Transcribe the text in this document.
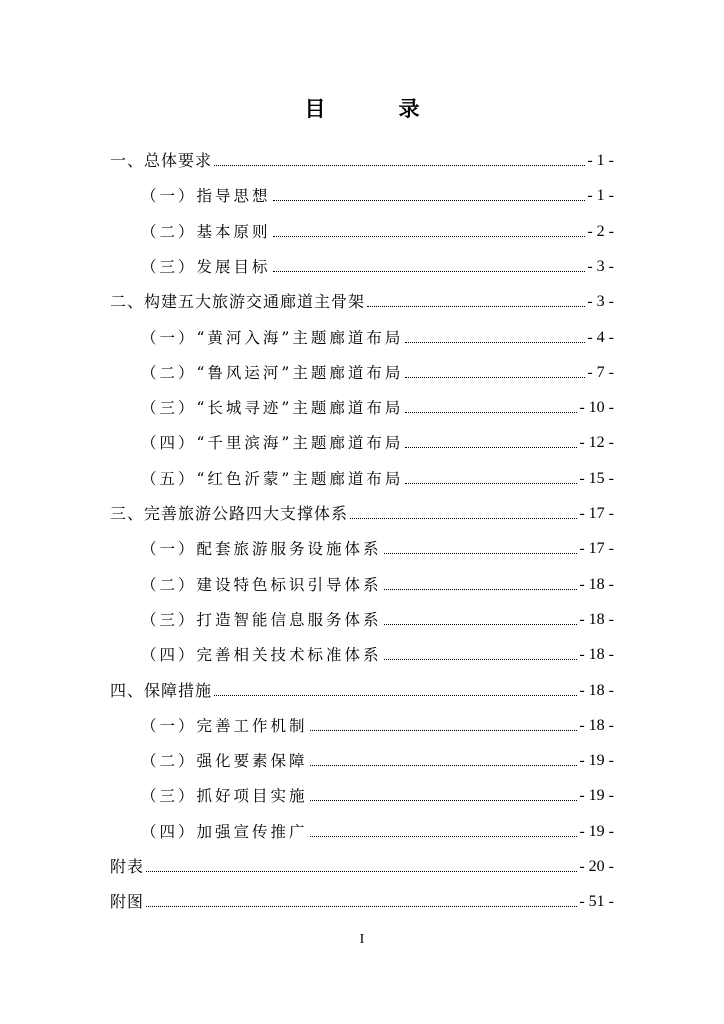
目　录
一、总体要求	- 1 -
（一）指导思想	- 1 -
（二）基本原则	- 2 -
（三）发展目标	- 3 -
二、构建五大旅游交通廊道主骨架	- 3 -
（一）“黄河入海”主题廊道布局	- 4 -
（二）“鲁风运河”主题廊道布局	- 7 -
（三）“长城寻迹”主题廊道布局	- 10 -
（四）“千里滨海”主题廊道布局	- 12 -
（五）“红色沂蒙”主题廊道布局	- 15 -
三、完善旅游公路四大支撑体系	- 17 -
（一）配套旅游服务设施体系	- 17 -
（二）建设特色标识引导体系	- 18 -
（三）打造智能信息服务体系	- 18 -
（四）完善相关技术标准体系	- 18 -
四、保障措施	- 18 -
（一）完善工作机制	- 18 -
（二）强化要素保障	- 19 -
（三）抓好项目实施	- 19 -
（四）加强宣传推广	- 19 -
附表	- 20 -
附图	- 51 -
I
